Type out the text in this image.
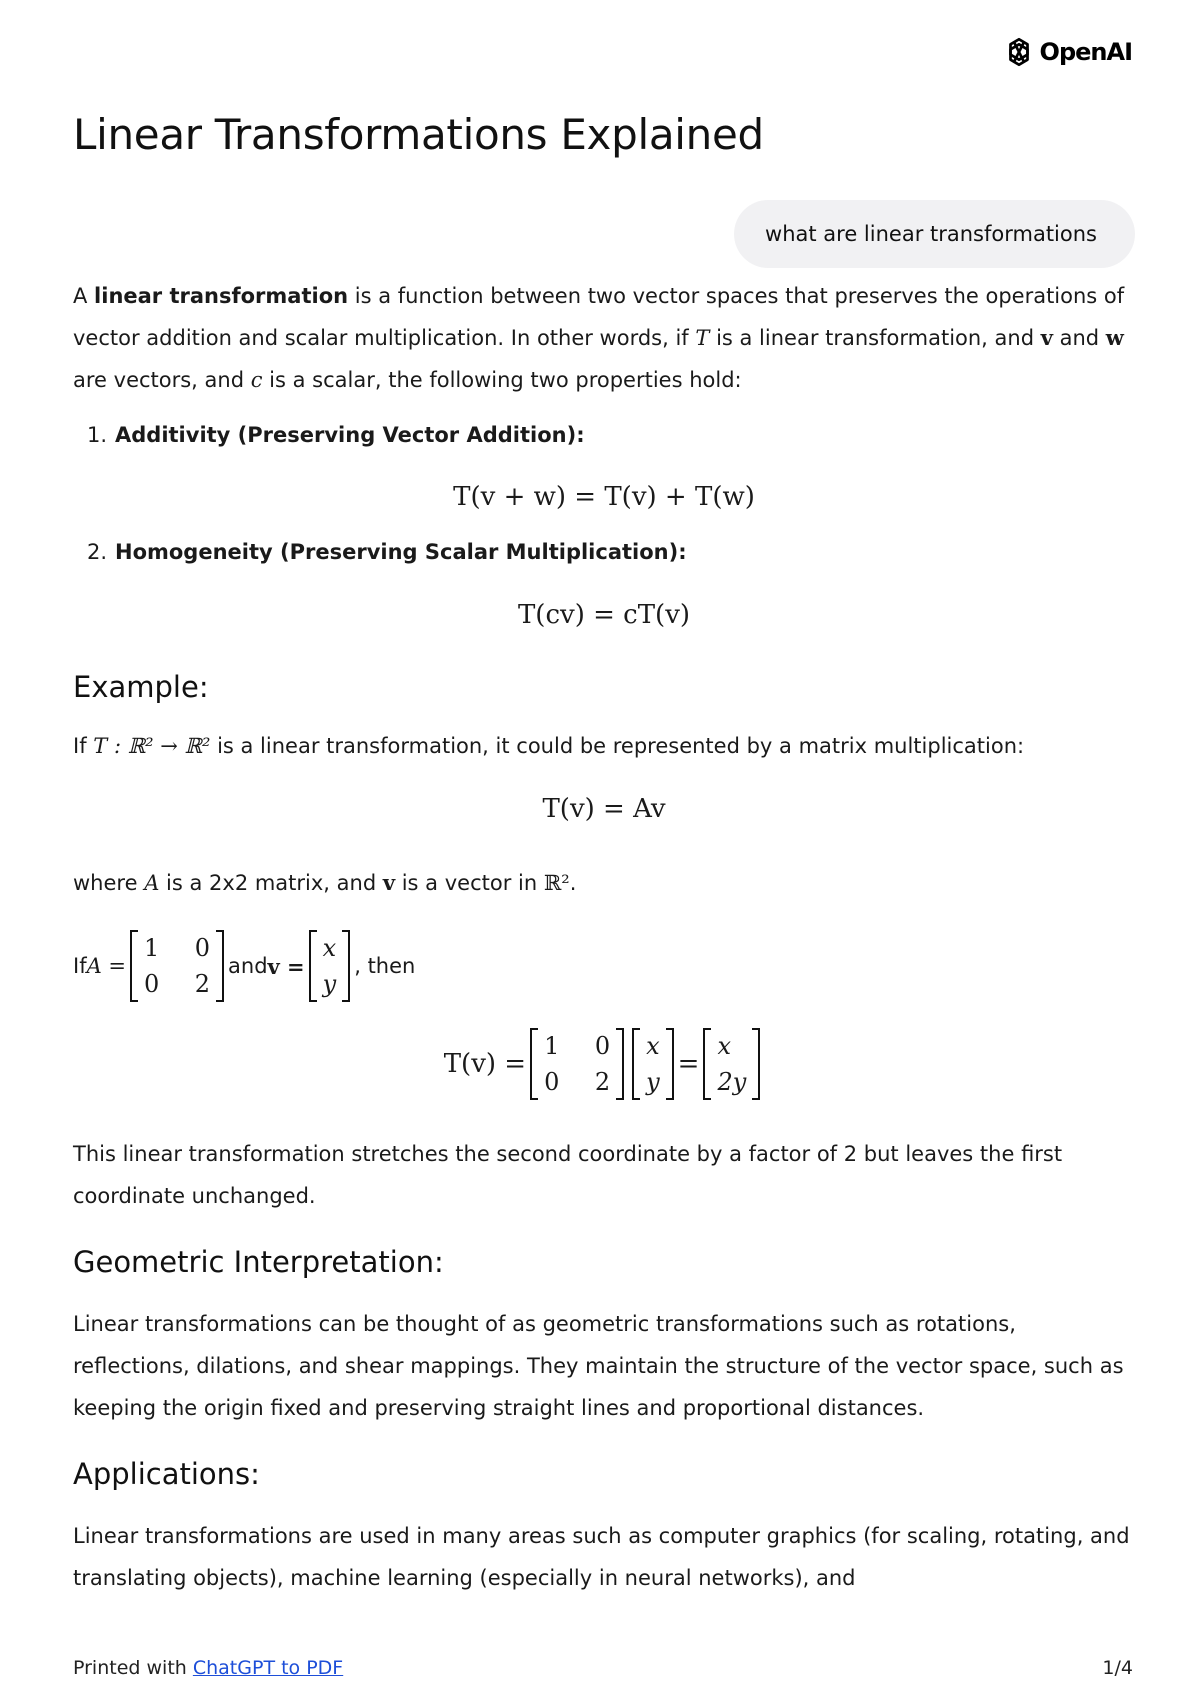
OpenAI
Linear Transformations Explained
what are linear transformations

A linear transformation is a function between two vector spaces that preserves the operations of vector addition and scalar multiplication. In other words, if T is a linear transformation, and v and w are vectors, and c is a scalar, the following two properties hold:

1. Additivity (Preserving Vector Addition):
T(v + w) = T(v) + T(w)
2. Homogeneity (Preserving Scalar Multiplication):
T(cv) = cT(v)
Example:

If T : ℝ² → ℝ² is a linear transformation, it could be represented by a matrix multiplication:

T(v) = Av

where A is a 2x2 matrix, and v is a vector in ℝ².

If A =
1	0
0	2
and v =
x
y
, then
T(v) =
1	0
0	2
x
y
=
x
2y

This linear transformation stretches the second coordinate by a factor of 2 but leaves the first coordinate unchanged.

Geometric Interpretation:

Linear transformations can be thought of as geometric transformations such as rotations, reflections, dilations, and shear mappings. They maintain the structure of the vector space, such as keeping the origin fixed and preserving straight lines and proportional distances.

Applications:

Linear transformations are used in many areas such as computer graphics (for scaling, rotating, and translating objects), machine learning (especially in neural networks), and

Printed with ChatGPT to PDF	1/4
